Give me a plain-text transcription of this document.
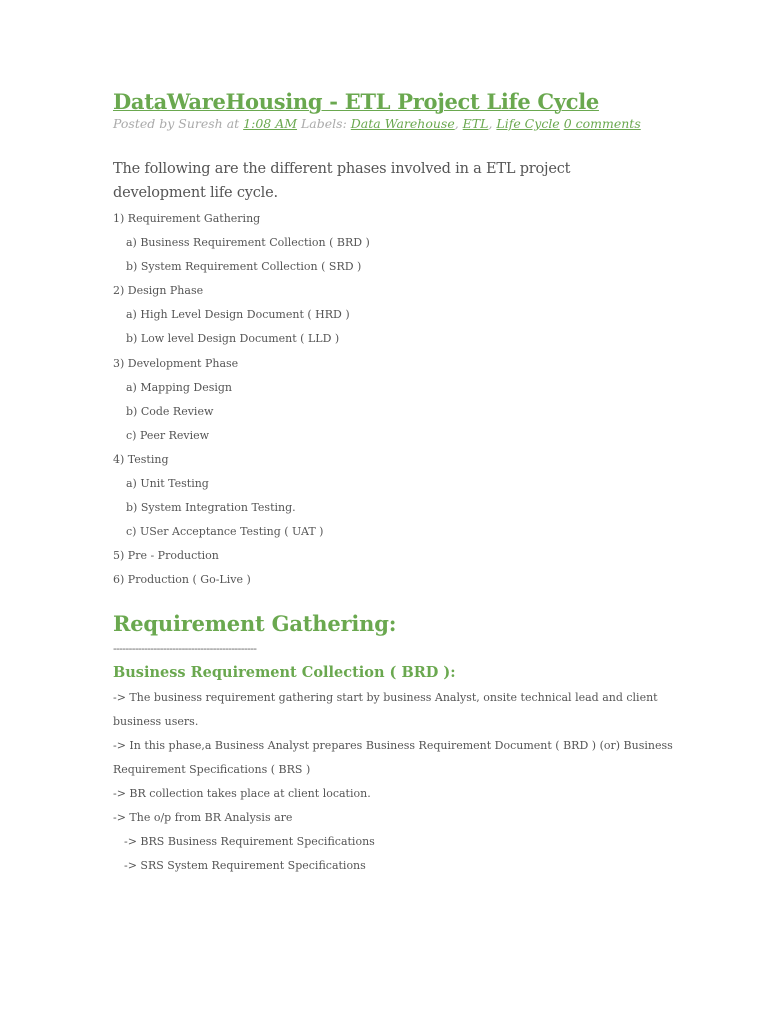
DataWareHousing - ETL Project Life Cycle
Posted by Suresh at 1:08 AM Labels: Data Warehouse, ETL, Life Cycle 0 comments
The following are the different phases involved in a ETL project development life cycle.
1) Requirement Gathering
a) Business Requirement Collection ( BRD )
b) System Requirement Collection ( SRD )
2) Design Phase
a) High Level Design Document ( HRD )
b) Low level Design Document ( LLD )
3) Development Phase
a) Mapping Design
b) Code Review
c) Peer Review
4) Testing
a) Unit Testing
b) System Integration Testing.
c) USer Acceptance Testing ( UAT )
5) Pre - Production
6) Production ( Go-Live )
Requirement Gathering:
----------------------------------------------
Business Requirement Collection ( BRD ):
-> The business requirement gathering start by business Analyst, onsite technical lead and client
business users.
-> In this phase,a Business Analyst prepares Business Requirement Document ( BRD ) (or) Business
Requirement Specifications ( BRS )
-> BR collection takes place at client location.
-> The o/p from BR Analysis are
-> BRS Business Requirement Specifications
-> SRS System Requirement Specifications
